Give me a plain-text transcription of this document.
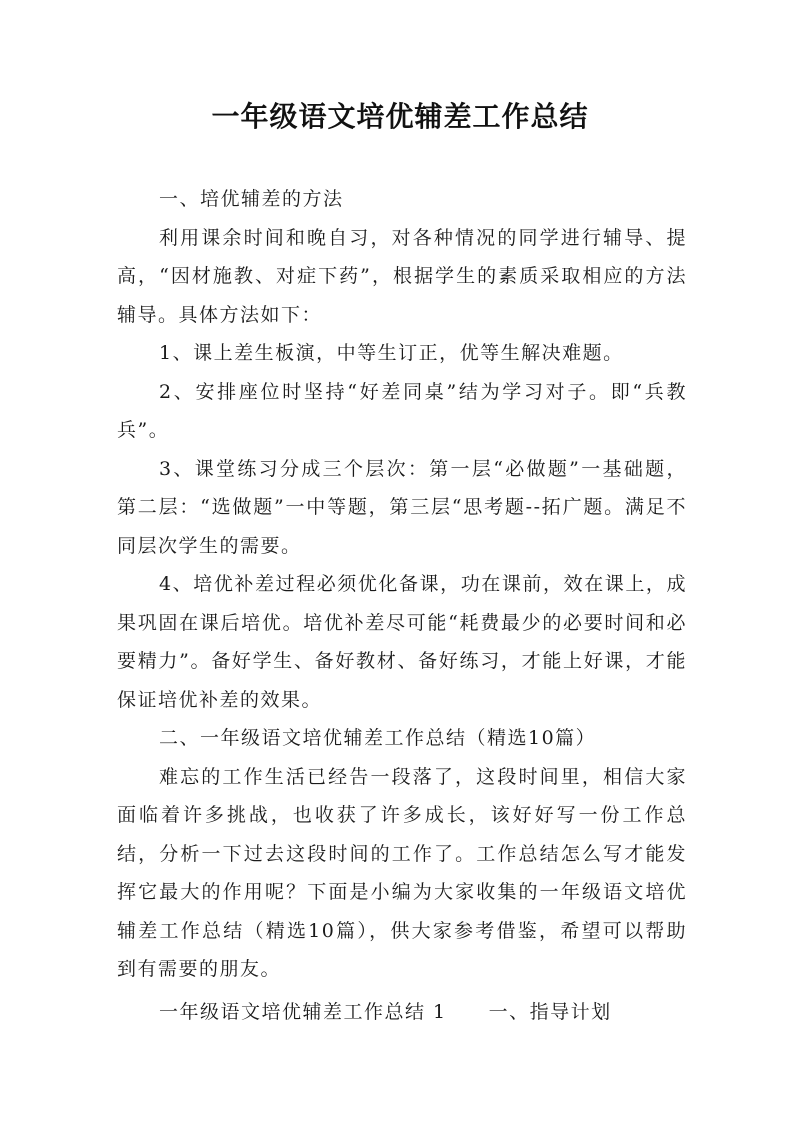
一年级语文培优辅差工作总结

一、培优辅差的方法

利用课余时间和晚自习，对各种情况的同学进行辅导、提高，“因材施教、对症下药”，根据学生的素质采取相应的方法辅导。具体方法如下：

1、课上差生板演，中等生订正，优等生解决难题。

2、安排座位时坚持“好差同桌”结为学习对子。即“兵教兵”。

3、课堂练习分成三个层次：第一层“必做题”一基础题，第二层：“选做题”一中等题，第三层“思考题--拓广题。满足不同层次学生的需要。

4、培优补差过程必须优化备课，功在课前，效在课上，成果巩固在课后培优。培优补差尽可能“耗费最少的必要时间和必要精力”。备好学生、备好教材、备好练习，才能上好课，才能保证培优补差的效果。

二、一年级语文培优辅差工作总结（精选10篇）

难忘的工作生活已经告一段落了，这段时间里，相信大家面临着许多挑战，也收获了许多成长，该好好写一份工作总结，分析一下过去这段时间的工作了。工作总结怎么写才能发挥它最大的作用呢？下面是小编为大家收集的一年级语文培优辅差工作总结（精选10篇），供大家参考借鉴，希望可以帮助到有需要的朋友。

一年级语文培优辅差工作总结 1 一、指导计划
